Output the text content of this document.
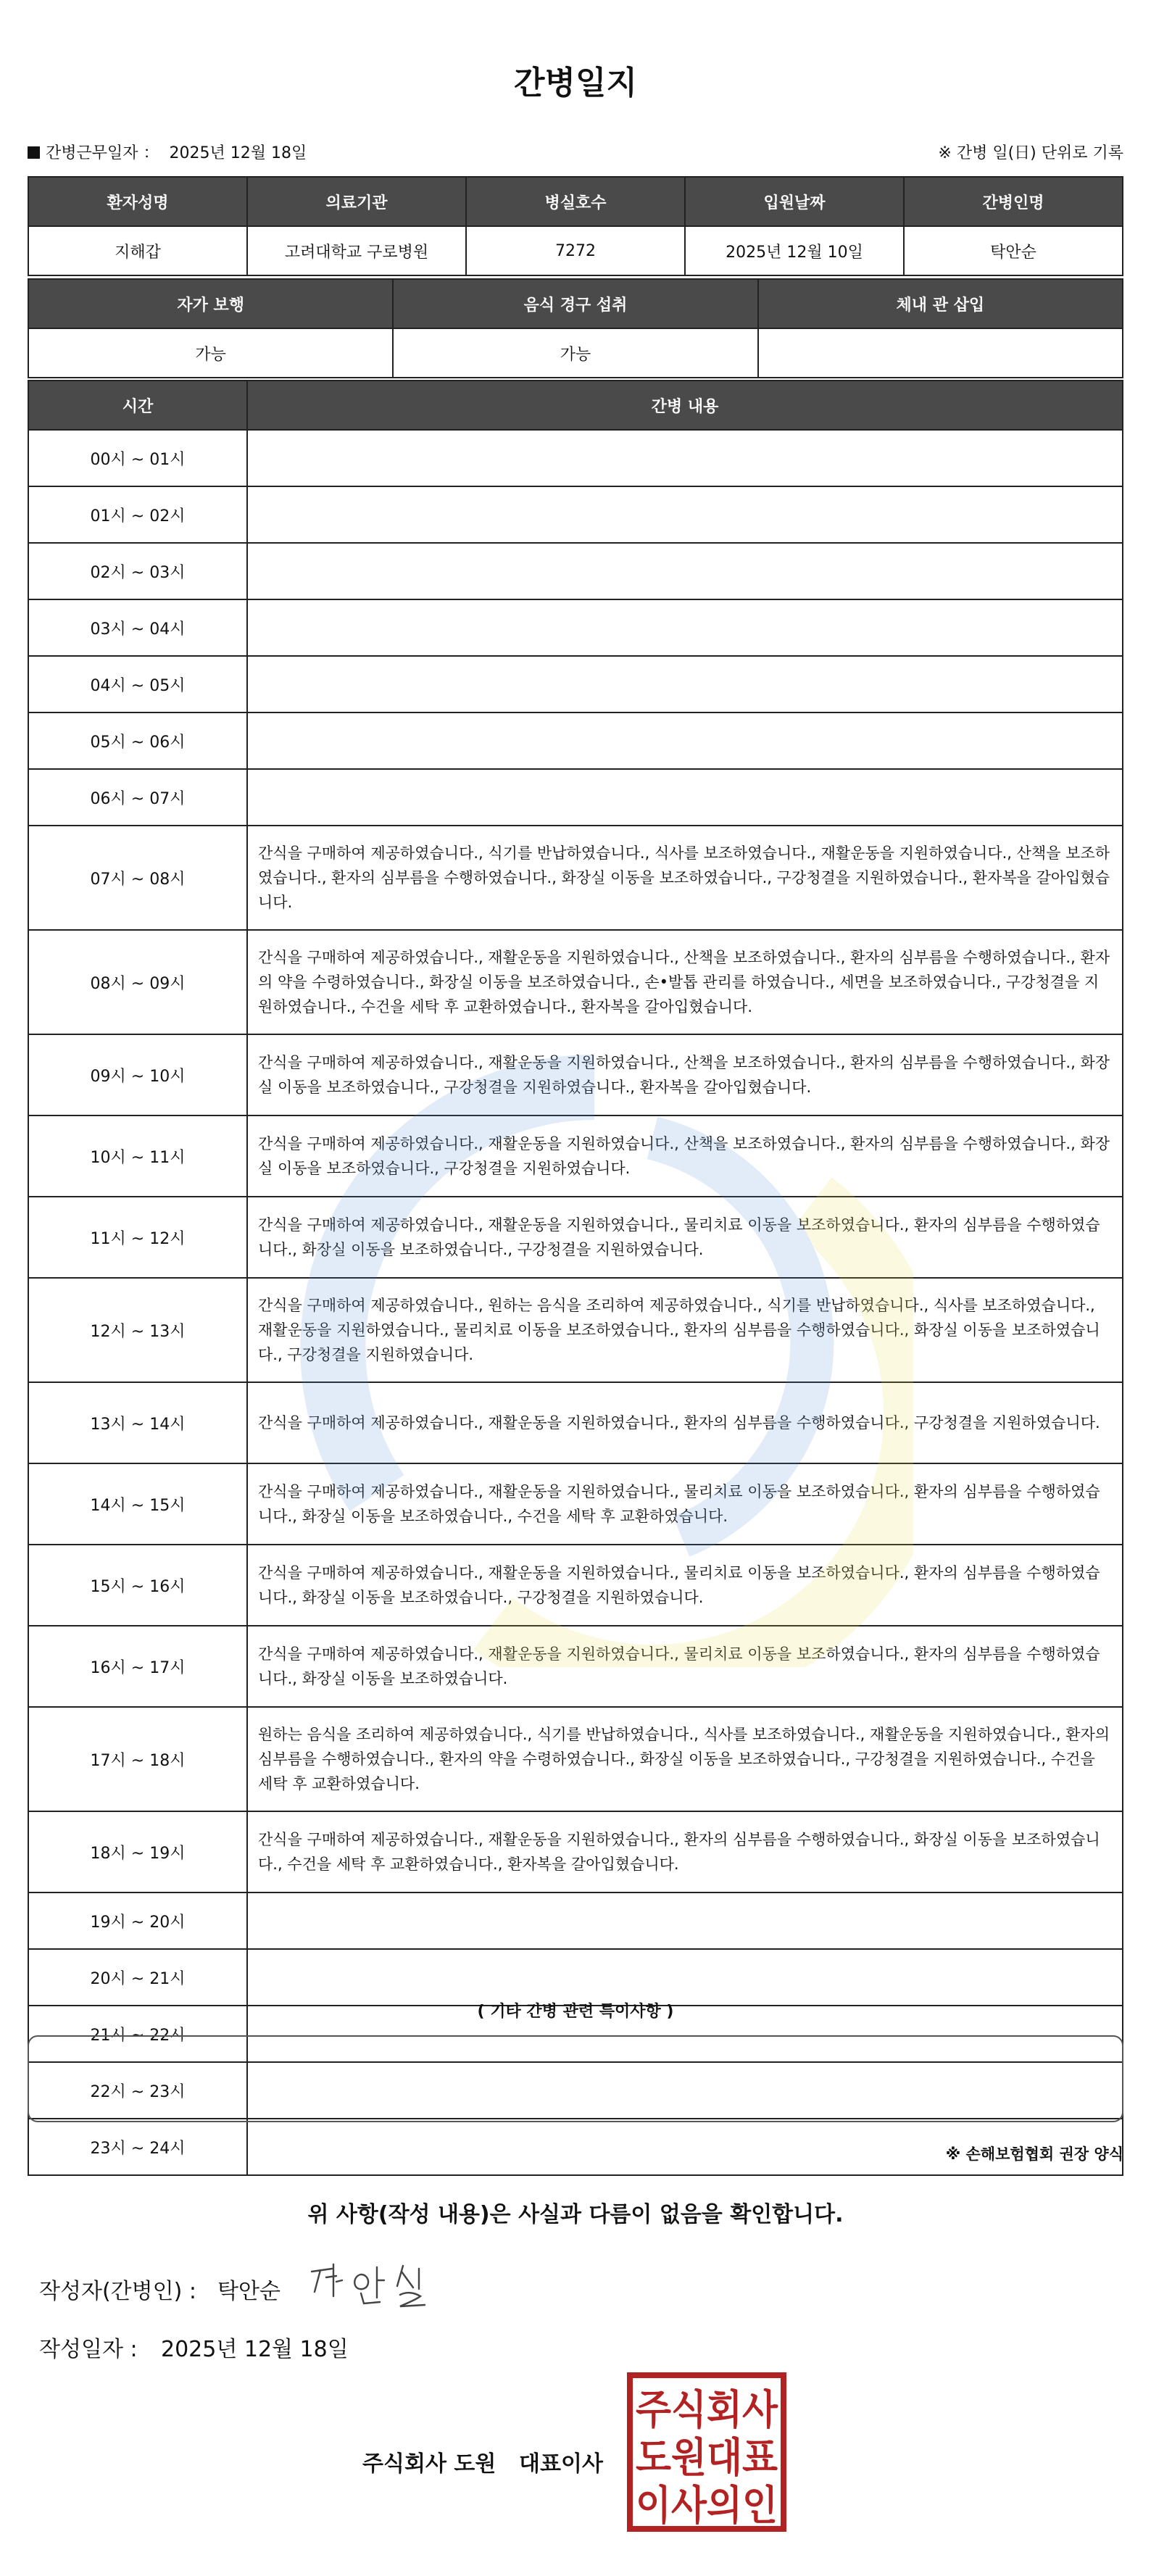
간병일지
간병근무일자 ： 2025년 12월 18일	※ 간병 일(日) 단위로 기록
환자성명	의료기관	병실호수	입원날짜	간병인명
지해갑	고려대학교 구로병원	7272	2025년 12월 10일	탁안순
자가 보행	음식 경구 섭취	체내 관 삽입
가능	가능	
시간	간병 내용
00시 ~ 01시	
01시 ~ 02시	
02시 ~ 03시	
03시 ~ 04시	
04시 ~ 05시	
05시 ~ 06시	
06시 ~ 07시	
07시 ~ 08시	간식을 구매하여 제공하였습니다., 식기를 반납하였습니다., 식사를 보조하였습니다., 재활운동을 지원하였습니다., 산책을 보조하였습니다., 환자의 심부름을 수행하였습니다., 화장실 이동을 보조하였습니다., 구강청결을 지원하였습니다., 환자복을 갈아입혔습니다.
08시 ~ 09시	간식을 구매하여 제공하였습니다., 재활운동을 지원하였습니다., 산책을 보조하였습니다., 환자의 심부름을 수행하였습니다., 환자의 약을 수령하였습니다., 화장실 이동을 보조하였습니다., 손•발톱 관리를 하였습니다., 세면을 보조하였습니다., 구강청결을 지원하였습니다., 수건을 세탁 후 교환하였습니다., 환자복을 갈아입혔습니다.
09시 ~ 10시	간식을 구매하여 제공하였습니다., 재활운동을 지원하였습니다., 산책을 보조하였습니다., 환자의 심부름을 수행하였습니다., 화장실 이동을 보조하였습니다., 구강청결을 지원하였습니다., 환자복을 갈아입혔습니다.
10시 ~ 11시	간식을 구매하여 제공하였습니다., 재활운동을 지원하였습니다., 산책을 보조하였습니다., 환자의 심부름을 수행하였습니다., 화장실 이동을 보조하였습니다., 구강청결을 지원하였습니다.
11시 ~ 12시	간식을 구매하여 제공하였습니다., 재활운동을 지원하였습니다., 물리치료 이동을 보조하였습니다., 환자의 심부름을 수행하였습니다., 화장실 이동을 보조하였습니다., 구강청결을 지원하였습니다.
12시 ~ 13시	간식을 구매하여 제공하였습니다., 원하는 음식을 조리하여 제공하였습니다., 식기를 반납하였습니다., 식사를 보조하였습니다., 재활운동을 지원하였습니다., 물리치료 이동을 보조하였습니다., 환자의 심부름을 수행하였습니다., 화장실 이동을 보조하였습니다., 구강청결을 지원하였습니다.
13시 ~ 14시	간식을 구매하여 제공하였습니다., 재활운동을 지원하였습니다., 환자의 심부름을 수행하였습니다., 구강청결을 지원하였습니다.
14시 ~ 15시	간식을 구매하여 제공하였습니다., 재활운동을 지원하였습니다., 물리치료 이동을 보조하였습니다., 환자의 심부름을 수행하였습니다., 화장실 이동을 보조하였습니다., 수건을 세탁 후 교환하였습니다.
15시 ~ 16시	간식을 구매하여 제공하였습니다., 재활운동을 지원하였습니다., 물리치료 이동을 보조하였습니다., 환자의 심부름을 수행하였습니다., 화장실 이동을 보조하였습니다., 구강청결을 지원하였습니다.
16시 ~ 17시	간식을 구매하여 제공하였습니다., 재활운동을 지원하였습니다., 물리치료 이동을 보조하였습니다., 환자의 심부름을 수행하였습니다., 화장실 이동을 보조하였습니다.
17시 ~ 18시	원하는 음식을 조리하여 제공하였습니다., 식기를 반납하였습니다., 식사를 보조하였습니다., 재활운동을 지원하였습니다., 환자의 심부름을 수행하였습니다., 환자의 약을 수령하였습니다., 화장실 이동을 보조하였습니다., 구강청결을 지원하였습니다., 수건을 세탁 후 교환하였습니다.
18시 ~ 19시	간식을 구매하여 제공하였습니다., 재활운동을 지원하였습니다., 환자의 심부름을 수행하였습니다., 화장실 이동을 보조하였습니다., 수건을 세탁 후 교환하였습니다., 환자복을 갈아입혔습니다.
19시 ~ 20시	
20시 ~ 21시	
21시 ~ 22시	
22시 ~ 23시	
23시 ~ 24시	
( 기타 간병 관련 특이사항 )
※ 손해보험협회 권장 양식
위 사항(작성 내용)은 사실과 다름이 없음을 확인합니다.
작성자(간병인) : 탁안순
작성일자 : 2025년 12월 18일
주식회사 도원 대표이사
주식회사
도원대표
이사의인
